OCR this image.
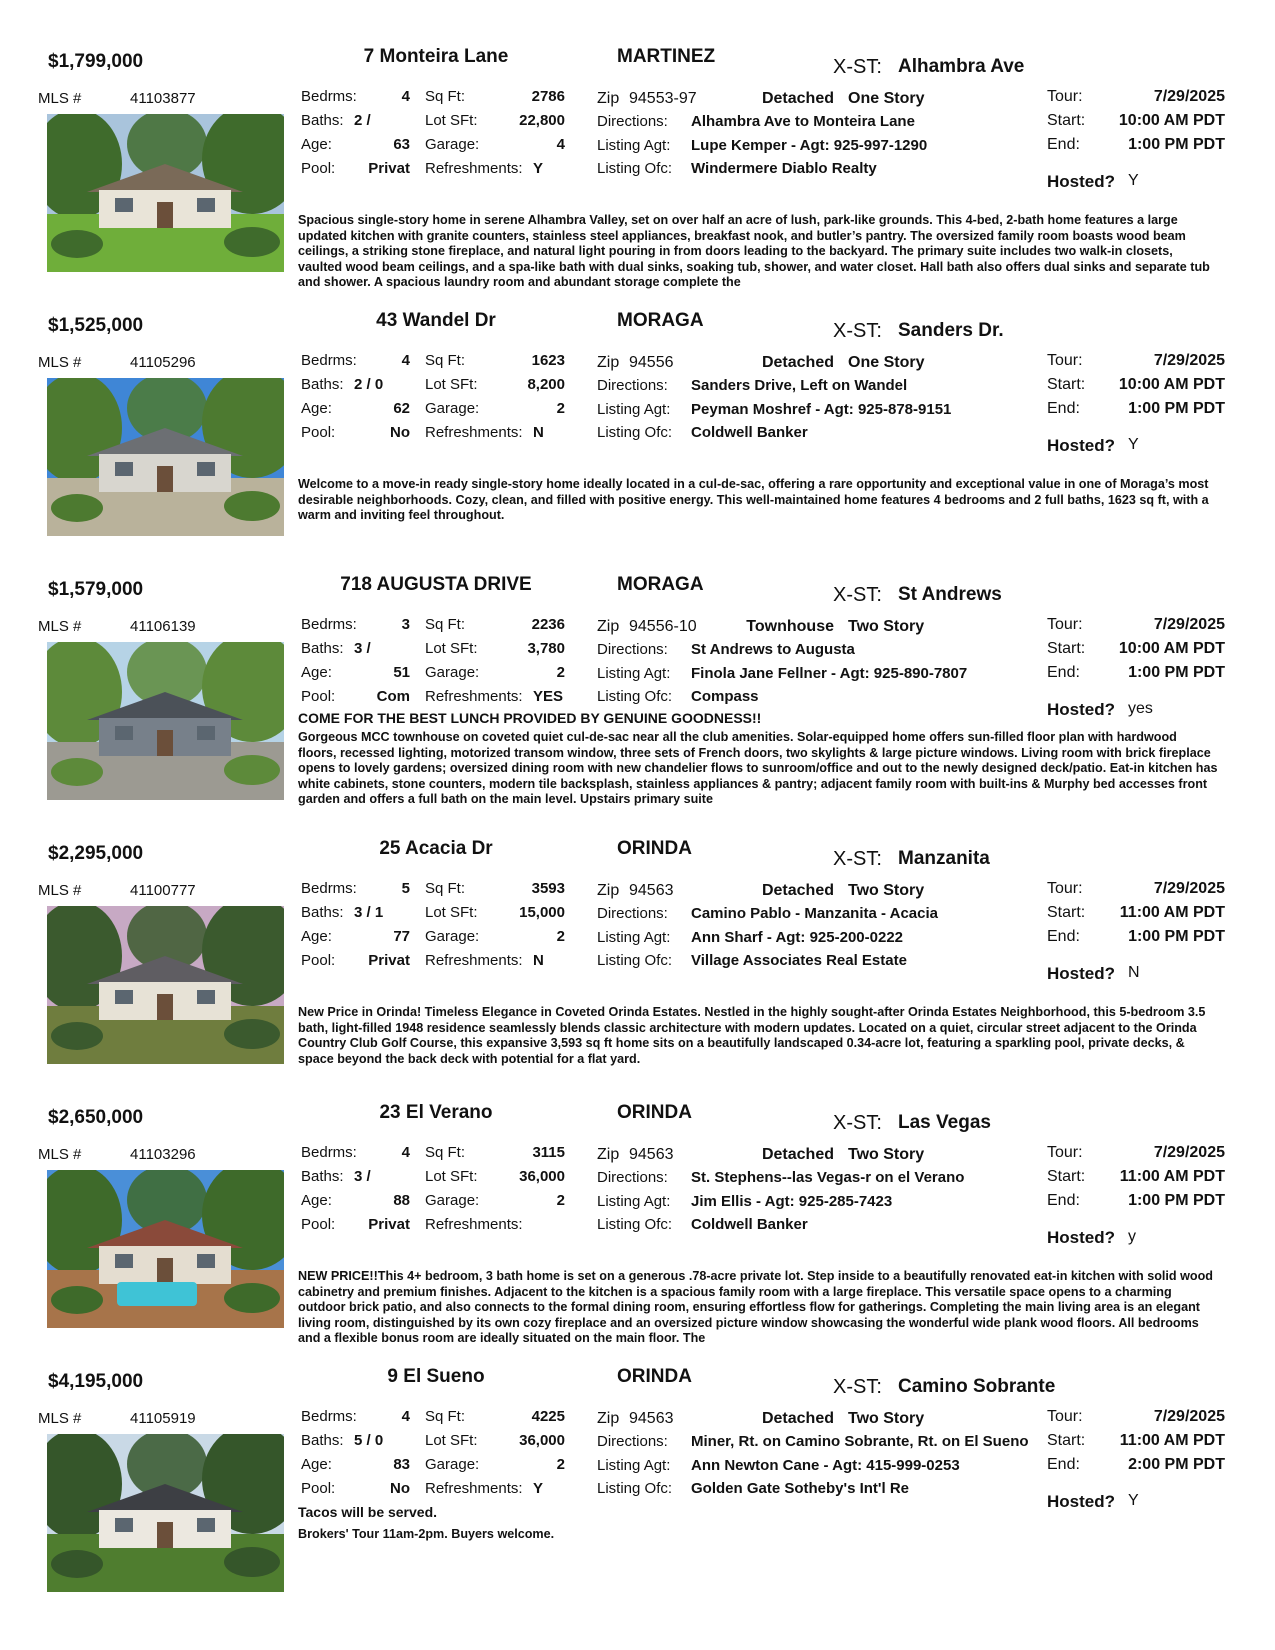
$1,799,000	7 Monteira Lane	MARTINEZ	X-ST: Alhambra Ave
MLS #	41103877	Bedrms:	4
Baths: 2 /
Age:	63
Pool:	Privat
Sq Ft:	2786
Lot SFt:	22,800
Garage:	4
Refreshments: Y
Zip 94553-97	Detached One Story
Directions: Alhambra Ave to Monteira Lane
Listing Agt: Lupe Kemper - Agt: 925-997-1290
Listing Ofc: Windermere Diablo Realty
Tour:	7/29/2025
Start:	10:00 AM PDT
End:	1:00 PM PDT
Hosted? Y
Spacious single-story home in serene Alhambra Valley, set on over half an acre of lush, park-like grounds. This 4-bed, 2-bath home features a large updated kitchen with granite counters, stainless steel appliances, breakfast nook, and butler’s pantry. The oversized family room boasts wood beam ceilings, a striking stone fireplace, and natural light pouring in from doors leading to the backyard. The primary suite includes two walk-in closets, vaulted wood beam ceilings, and a spa-like bath with dual sinks, soaking tub, shower, and water closet. Hall bath also offers dual sinks and separate tub and shower. A spacious laundry room and abundant storage complete the
$1,525,000	43 Wandel Dr	MORAGA	X-ST: Sanders Dr.
MLS #	41105296	Bedrms:	4
Baths: 2 / 0
Age:	62
Pool:	No
Sq Ft:	1623
Lot SFt:	8,200
Garage:	2
Refreshments: N
Zip 94556	Detached One Story
Directions: Sanders Drive, Left on Wandel
Listing Agt: Peyman Moshref - Agt: 925-878-9151
Listing Ofc: Coldwell Banker
Tour:	7/29/2025
Start:	10:00 AM PDT
End:	1:00 PM PDT
Hosted? Y
Welcome to a move-in ready single-story home ideally located in a cul-de-sac, offering a rare opportunity and exceptional value in one of Moraga’s most desirable neighborhoods. Cozy, clean, and filled with positive energy. This well-maintained home features 4 bedrooms and 2 full baths, 1623 sq ft, with a warm and inviting feel throughout.
$1,579,000	718 AUGUSTA DRIVE	MORAGA	X-ST: St Andrews
MLS #	41106139	Bedrms:	3
Baths: 3 /
Age:	51
Pool:	Com
Sq Ft:	2236
Lot SFt:	3,780
Garage:	2
Refreshments: YES
Zip 94556-10	Townhouse Two Story
Directions: St Andrews to Augusta
Listing Agt: Finola Jane Fellner - Agt: 925-890-7807
Listing Ofc: Compass
Tour:	7/29/2025
Start:	10:00 AM PDT
End:	1:00 PM PDT
Hosted? yes
Gorgeous MCC townhouse on coveted quiet cul-de-sac near all the club amenities. Solar-equipped home offers sun-filled floor plan with hardwood floors, recessed lighting, motorized transom window, three sets of French doors, two skylights & large picture windows. Living room with brick fireplace opens to lovely gardens; oversized dining room with new chandelier flows to sunroom/office and out to the newly designed deck/patio. Eat-in kitchen has white cabinets, stone counters, modern tile backsplash, stainless appliances & pantry; adjacent family room with built-ins & Murphy bed accesses front garden and offers a full bath on the main level. Upstairs primary suite
COME FOR THE BEST LUNCH PROVIDED BY GENUINE GOODNESS!!
$2,295,000	25 Acacia Dr	ORINDA	X-ST: Manzanita
MLS #	41100777	Bedrms:	5
Baths: 3 / 1
Age:	77
Pool:	Privat
Sq Ft:	3593
Lot SFt:	15,000
Garage:	2
Refreshments: N
Zip 94563	Detached Two Story
Directions: Camino Pablo - Manzanita - Acacia
Listing Agt: Ann Sharf - Agt: 925-200-0222
Listing Ofc: Village Associates Real Estate
Tour:	7/29/2025
Start:	11:00 AM PDT
End:	1:00 PM PDT
Hosted? N
New Price in Orinda! Timeless Elegance in Coveted Orinda Estates. Nestled in the highly sought-after Orinda Estates Neighborhood, this 5-bedroom 3.5 bath, light-filled 1948 residence seamlessly blends classic architecture with modern updates. Located on a quiet, circular street adjacent to the Orinda Country Club Golf Course, this expansive 3,593 sq ft home sits on a beautifully landscaped 0.34-acre lot, featuring a sparkling pool, private decks, & space beyond the back deck with potential for a flat yard.
$2,650,000	23 El Verano	ORINDA	X-ST: Las Vegas
MLS #	41103296	Bedrms:	4
Baths: 3 /
Age:	88
Pool:	Privat
Sq Ft:	3115
Lot SFt:	36,000
Garage:	2
Refreshments:
Zip 94563	Detached Two Story
Directions: St. Stephens--las Vegas-r on el Verano
Listing Agt: Jim Ellis - Agt: 925-285-7423
Listing Ofc: Coldwell Banker
Tour:	7/29/2025
Start:	11:00 AM PDT
End:	1:00 PM PDT
Hosted? y
NEW PRICE!!This 4+ bedroom, 3 bath home is set on a generous .78-acre private lot. Step inside to a beautifully renovated eat-in kitchen with solid wood cabinetry and premium finishes. Adjacent to the kitchen is a spacious family room with a large fireplace. This versatile space opens to a charming outdoor brick patio, and also connects to the formal dining room, ensuring effortless flow for gatherings. Completing the main living area is an elegant living room, distinguished by its own cozy fireplace and an oversized picture window showcasing the wonderful wide plank wood floors. All bedrooms and a flexible bonus room are ideally situated on the main floor. The
$4,195,000	9 El Sueno	ORINDA	X-ST: Camino Sobrante
MLS #	41105919	Bedrms:	4
Baths: 5 / 0
Age:	83
Pool:	No
Sq Ft:	4225
Lot SFt:	36,000
Garage:	2
Refreshments: Y
Zip 94563	Detached Two Story
Directions: Miner, Rt. on Camino Sobrante, Rt. on El Sueno
Listing Agt: Ann Newton Cane - Agt: 415-999-0253
Listing Ofc: Golden Gate Sotheby's Int'l Re
Tour:	7/29/2025
Start:	11:00 AM PDT
End:	2:00 PM PDT
Hosted? Y
Tacos will be served.
Brokers' Tour 11am-2pm. Buyers welcome.
